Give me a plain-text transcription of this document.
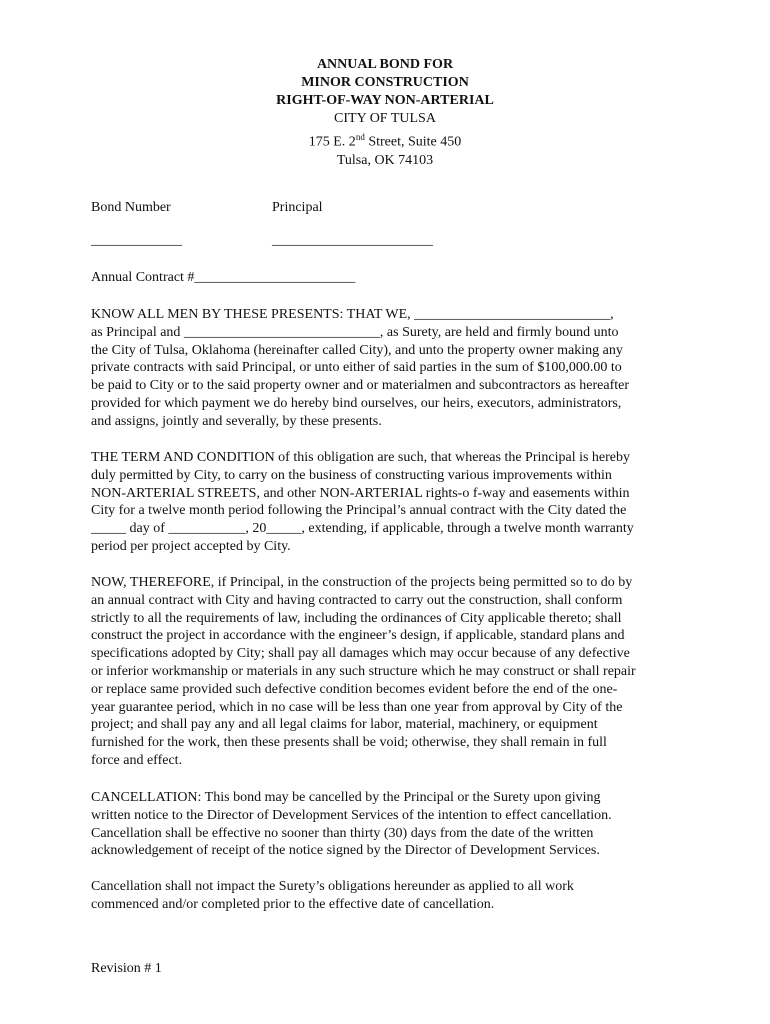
ANNUAL BOND FOR
MINOR CONSTRUCTION
RIGHT-OF-WAY NON-ARTERIAL
CITY OF TULSA
175 E. 2nd Street, Suite 450
Tulsa, OK 74103
Bond Number	Principal
_____________	_______________________
Annual Contract #_______________________
KNOW ALL MEN BY THESE PRESENTS: THAT WE, ____________________________,
as Principal and ____________________________, as Surety, are held and firmly bound unto
the City of Tulsa, Oklahoma (hereinafter called City), and unto the property owner making any
private contracts with said Principal, or unto either of said parties in the sum of $100,000.00 to
be paid to City or to the said property owner and or materialmen and subcontractors as hereafter
provided for which payment we do hereby bind ourselves, our heirs, executors, administrators,
and assigns, jointly and severally, by these presents.
THE TERM AND CONDITION of this obligation are such, that whereas the Principal is hereby
duly permitted by City, to carry on the business of constructing various improvements within
NON-ARTERIAL STREETS, and other NON-ARTERIAL rights-o f-way and easements within
City for a twelve month period following the Principal’s annual contract with the City dated the
_____ day of ___________, 20_____, extending, if applicable, through a twelve month warranty
period per project accepted by City.
NOW, THEREFORE, if Principal, in the construction of the projects being permitted so to do by
an annual contract with City and having contracted to carry out the construction, shall conform
strictly to all the requirements of law, including the ordinances of City applicable thereto; shall
construct the project in accordance with the engineer’s design, if applicable, standard plans and
specifications adopted by City; shall pay all damages which may occur because of any defective
or inferior workmanship or materials in any such structure which he may construct or shall repair
or replace same provided such defective condition becomes evident before the end of the one-
year guarantee period, which in no case will be less than one year from approval by City of the
project; and shall pay any and all legal claims for labor, material, machinery, or equipment
furnished for the work, then these presents shall be void; otherwise, they shall remain in full
force and effect.
CANCELLATION: This bond may be cancelled by the Principal or the Surety upon giving
written notice to the Director of Development Services of the intention to effect cancellation.
Cancellation shall be effective no sooner than thirty (30) days from the date of the written
acknowledgement of receipt of the notice signed by the Director of Development Services.
Cancellation shall not impact the Surety’s obligations hereunder as applied to all work
commenced and/or completed prior to the effective date of cancellation.
Revision # 1
